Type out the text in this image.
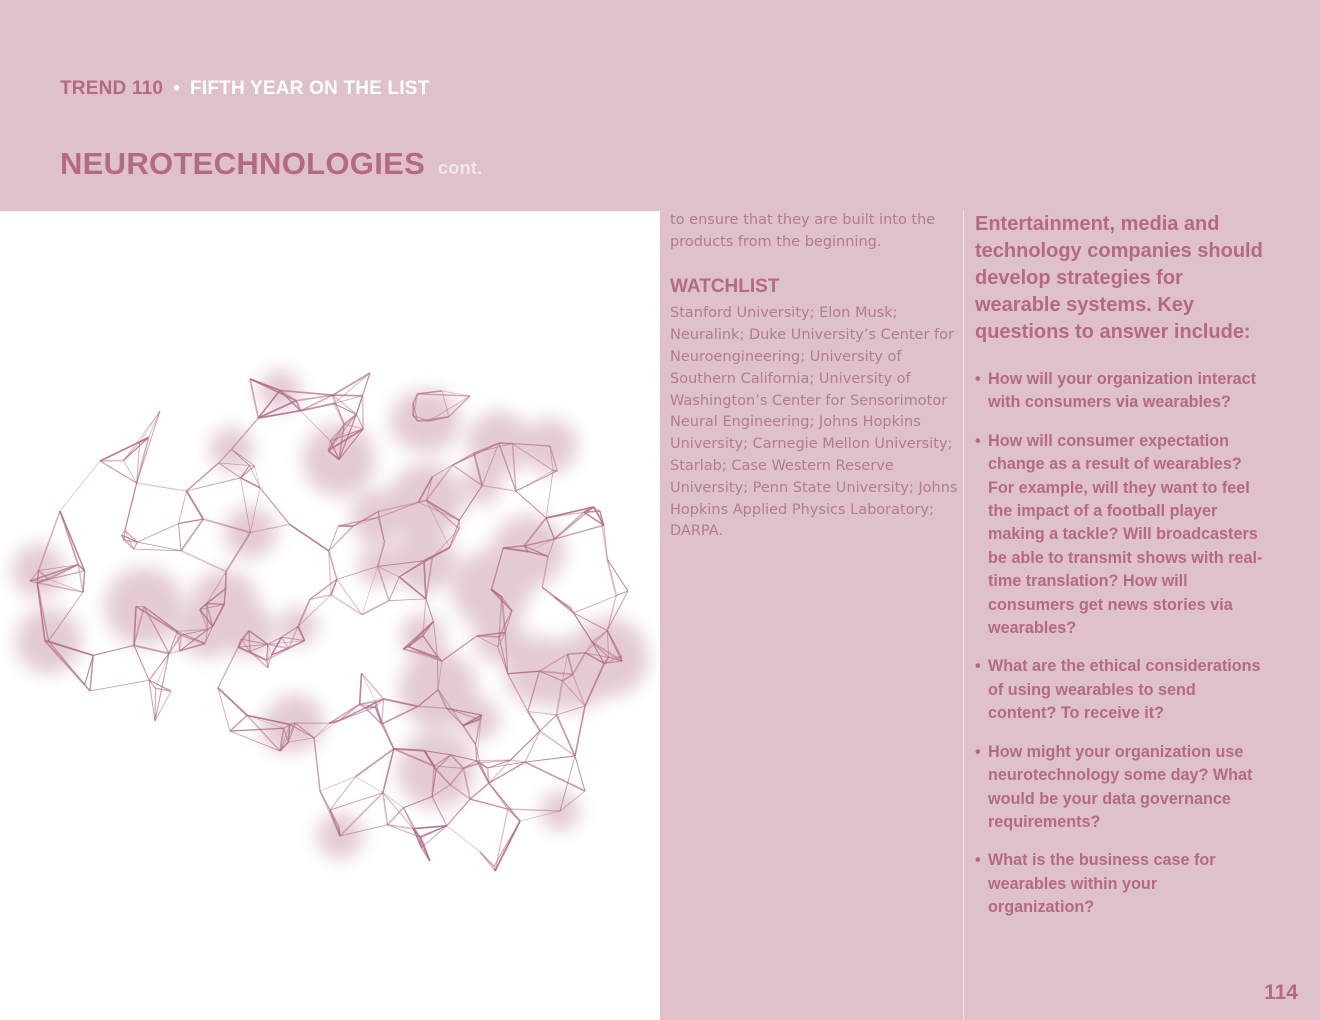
TREND 110 • FIFTH YEAR ON THE LIST
NEUROTECHNOLOGIES cont.

to ensure that they are built into the products from the beginning.

WATCHLIST

Stanford University; Elon Musk; Neuralink; Duke University’s Center for Neuroengineering; University of Southern California; University of Washington’s Center for Sensorimotor Neural Engineering; Johns Hopkins University; Carnegie Mellon University; Starlab; Case Western Reserve University; Penn State University; Johns Hopkins Applied Physics Laboratory; DARPA.

Entertainment, media and technology companies should develop strategies for wearable systems. Key questions to answer include:

• How will your organization interact with consumers via wearables?
• How will consumer expectation change as a result of wearables? For example, will they want to feel the impact of a football player making a tackle? Will broadcasters be able to transmit shows with real-time translation? How will consumers get news stories via wearables?
• What are the ethical considerations of using wearables to send content? To receive it?
• How might your organization use neurotechnology some day? What would be your data governance requirements?
• What is the business case for wearables within your organization?
114
